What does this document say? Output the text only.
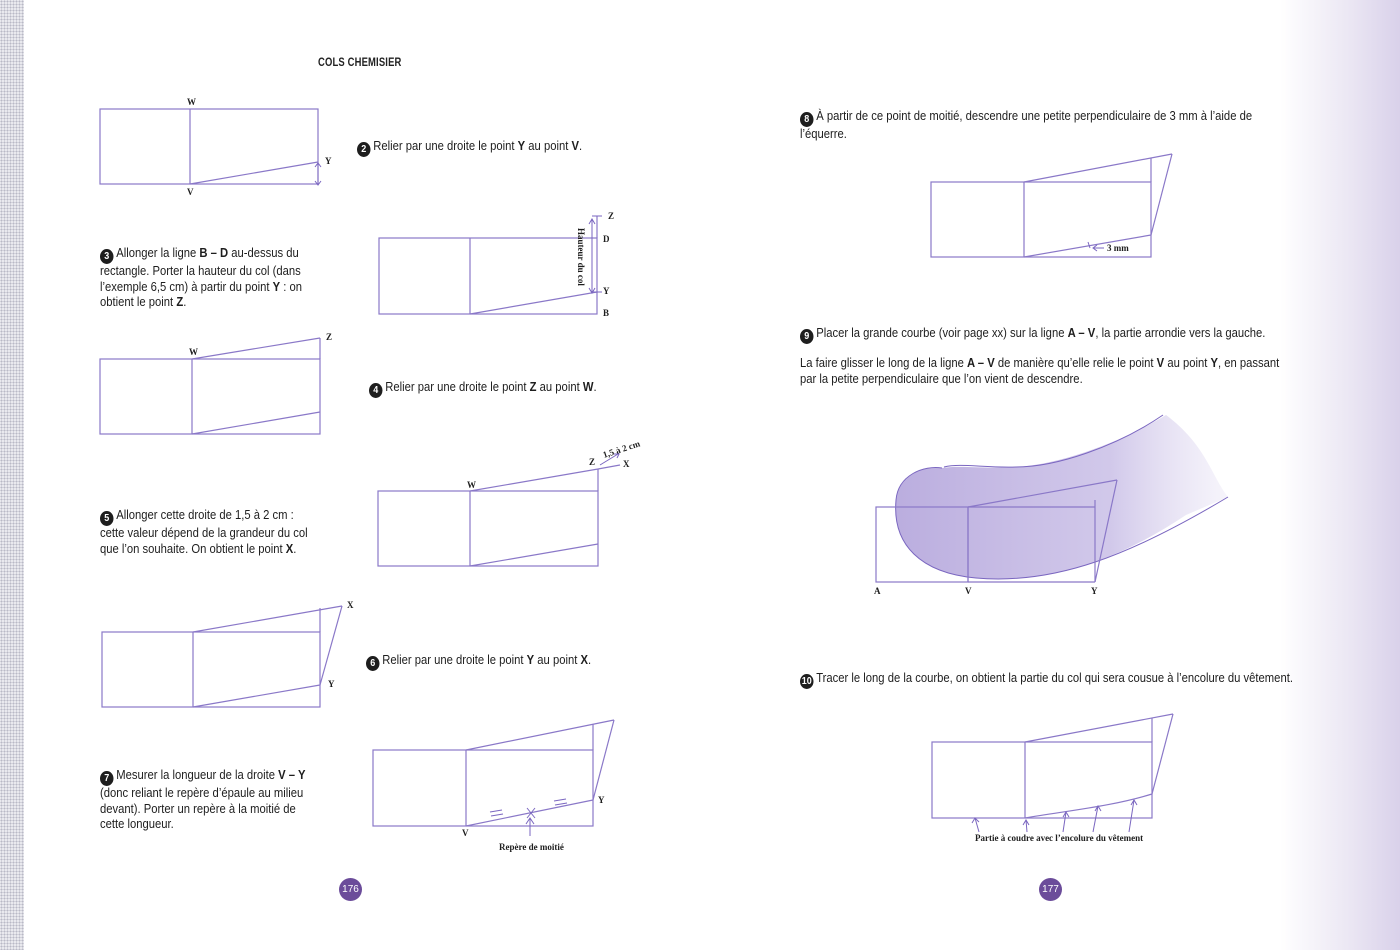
COLS CHEMISIER
W
V
Y
2 Relier par une droite le point Y au point V.
3 Allonger la ligne B – D au-dessus du rectangle. Porter la hauteur du col (dans l’exemple 6,5 cm) à partir du point Y : on obtient le point Z.
Z
D
Y
B
Hauteur du col
W
Z
4 Relier par une droite le point Z au point W.
W
Z	X
1,5 à 2 cm
5 Allonger cette droite de 1,5 à 2 cm : cette valeur dépend de la grandeur du col que l’on souhaite. On obtient le point X.
X
Y
6 Relier par une droite le point Y au point X.
7 Mesurer la longueur de la droite V – Y (donc reliant le repère d’épaule au milieu devant). Porter un repère à la moitié de cette longueur.
V
Y
Repère de moitié
8 À partir de ce point de moitié, descendre une petite perpendiculaire de 3 mm à l’aide de l’équerre.
3 mm
9 Placer la grande courbe (voir page xx) sur la ligne A – V, la partie arrondie vers la gauche.
La faire glisser le long de la ligne A – V de manière qu’elle relie le point V au point Y, en passant par la petite perpendiculaire que l’on vient de descendre.
A	V	Y
10 Tracer le long de la courbe, on obtient la partie du col qui sera cousue à l’encolure du vêtement.
Partie à coudre avec l’encolure du vêtement
176	177
